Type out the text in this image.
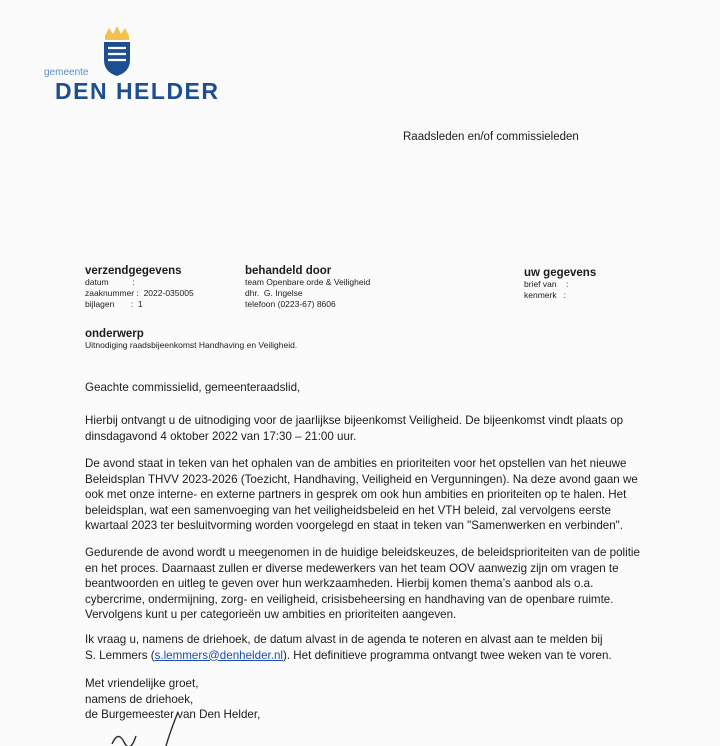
gemeente
DEN HELDER
Raadsleden en/of commissieleden
verzendgegevens
datum          :
zaaknummer :  2022-035005
bijlagen       :  1
behandeld door
team Openbare orde & Veiligheid
dhr.  G. Ingelse
telefoon (0223-67) 8606
uw gegevens
brief van    :
kenmerk   :
onderwerp
Uitnodiging raadsbijeenkomst Handhaving en Veiligheid.
Geachte commissielid, gemeenteraadslid,

Hierbij ontvangt u de uitnodiging voor de jaarlijkse bijeenkomst Veiligheid. De bijeenkomst vindt plaats op

dinsdagavond 4 oktober 2022 van 17:30 – 21:00 uur.

De avond staat in teken van het ophalen van de ambities en prioriteiten voor het opstellen van het nieuwe

Beleidsplan THVV 2023-2026 (Toezicht, Handhaving, Veiligheid en Vergunningen). Na deze avond gaan we

ook met onze interne- en externe partners in gesprek om ook hun ambities en prioriteiten op te halen. Het

beleidsplan, wat een samenvoeging van het veiligheidsbeleid en het VTH beleid, zal vervolgens eerste

kwartaal 2023 ter besluitvorming worden voorgelegd en staat in teken van "Samenwerken en verbinden".

Gedurende de avond wordt u meegenomen in de huidige beleidskeuzes, de beleidsprioriteiten van de politie

en het proces. Daarnaast zullen er diverse medewerkers van het team OOV aanwezig zijn om vragen te

beantwoorden en uitleg te geven over hun werkzaamheden. Hierbij komen thema’s aanbod als o.a.

cybercrime, ondermijning, zorg- en veiligheid, crisisbeheersing en handhaving van de openbare ruimte.

Vervolgens kunt u per categorieën uw ambities en prioriteiten aangeven.

Ik vraag u, namens de driehoek, de datum alvast in de agenda te noteren en alvast aan te melden bij

S. Lemmers (s.lemmers@denhelder.nl). Het definitieve programma ontvangt twee weken van te voren.

Met vriendelijke groet,

namens de driehoek,

de Burgemeester van Den Helder,
